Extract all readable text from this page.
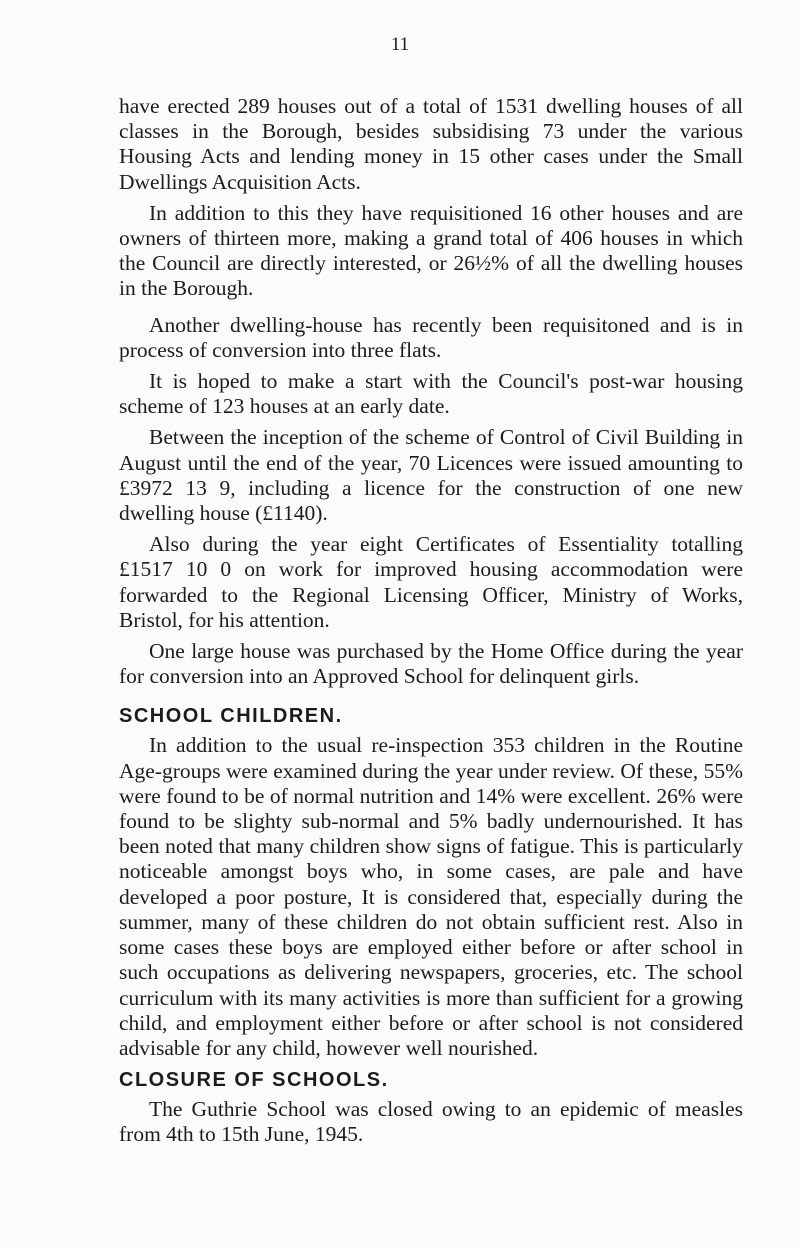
11

have erected 289 houses out of a total of 1531 dwelling houses of all classes in the Borough, besides subsidising 73 under the various Housing Acts and lending money in 15 other cases under the Small Dwellings Acquisition Acts.

In addition to this they have requisitioned 16 other houses and are owners of thirteen more, making a grand total of 406 houses in which the Council are directly interested, or 26½% of all the dwelling houses in the Borough.

Another dwelling-house has recently been requisitoned and is in process of conversion into three flats.

It is hoped to make a start with the Council's post-war housing scheme of 123 houses at an early date.

Between the inception of the scheme of Control of Civil Building in August until the end of the year, 70 Licences were issued amounting to £3972 13 9, including a licence for the construction of one new dwelling house (£1140).

Also during the year eight Certificates of Essentiality totalling £1517 10 0 on work for improved housing accommodation were forwarded to the Regional Licensing Officer, Ministry of Works, Bristol, for his attention.

One large house was purchased by the Home Office during the year for conversion into an Approved School for delinquent girls.

SCHOOL CHILDREN.

In addition to the usual re-inspection 353 children in the Routine Age-groups were examined during the year under review. Of these, 55% were found to be of normal nutrition and 14% were excellent. 26% were found to be slighty sub-normal and 5% badly undernourished. It has been noted that many children show signs of fatigue. This is particularly noticeable amongst boys who, in some cases, are pale and have developed a poor posture, It is considered that, especially during the summer, many of these children do not obtain sufficient rest. Also in some cases these boys are employed either before or after school in such occupations as delivering newspapers, groceries, etc. The school curriculum with its many activities is more than sufficient for a growing child, and employment either before or after school is not considered advisable for any child, however well nourished.

CLOSURE OF SCHOOLS.

The Guthrie School was closed owing to an epidemic of measles from 4th to 15th June, 1945.
